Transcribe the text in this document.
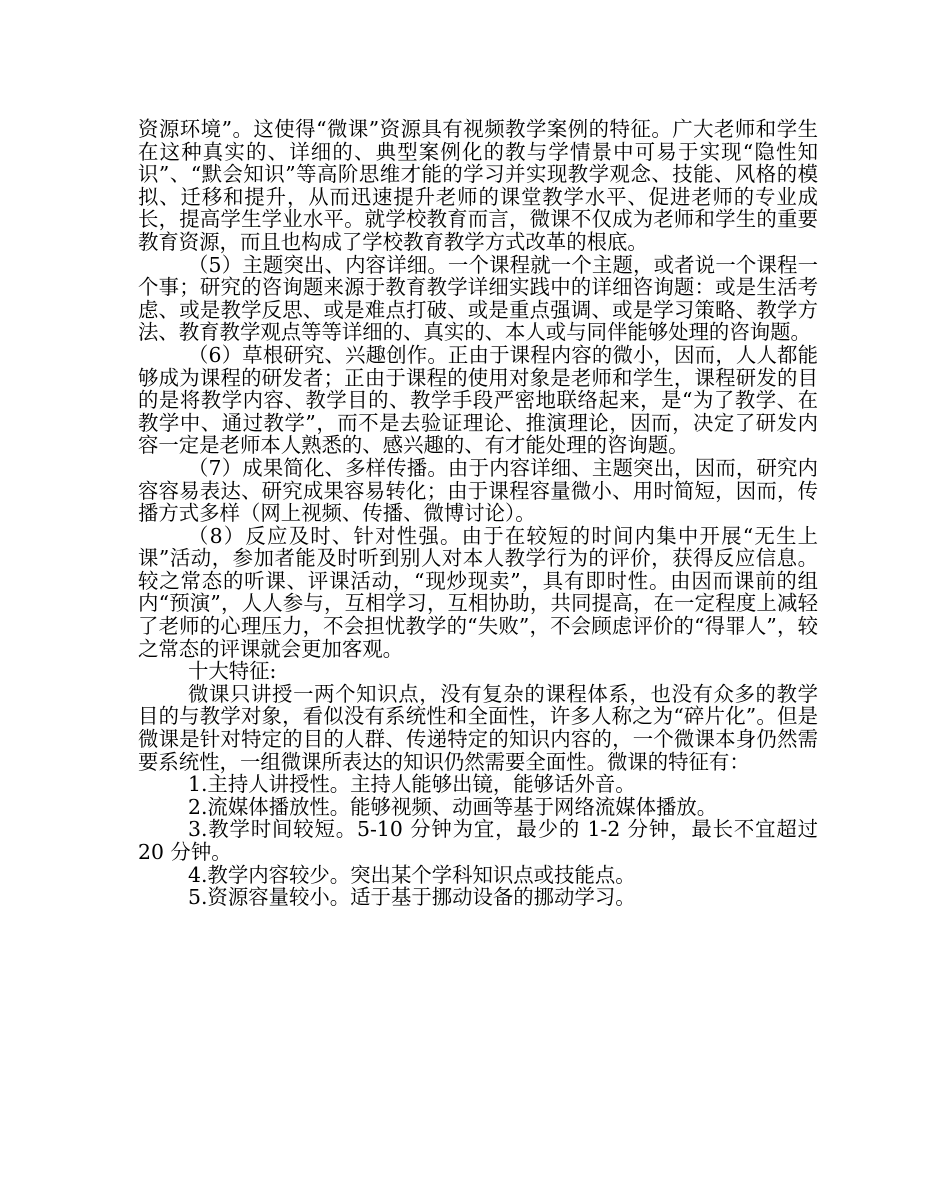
资源环境”。这使得“微课”资源具有视频教学案例的特征。广大老师和学生在这种真实的、详细的、典型案例化的教与学情景中可易于实现“隐性知识”、“默会知识”等高阶思维才能的学习并实现教学观念、技能、风格的模拟、迁移和提升，从而迅速提升老师的课堂教学水平、促进老师的专业成长，提高学生学业水平。就学校教育而言，微课不仅成为老师和学生的重要教育资源，而且也构成了学校教育教学方式改革的根底。

（5）主题突出、内容详细。一个课程就一个主题，或者说一个课程一个事；研究的咨询题来源于教育教学详细实践中的详细咨询题：或是生活考虑、或是教学反思、或是难点打破、或是重点强调、或是学习策略、教学方法、教育教学观点等等详细的、真实的、本人或与同伴能够处理的咨询题。

（6）草根研究、兴趣创作。正由于课程内容的微小，因而，人人都能够成为课程的研发者；正由于课程的使用对象是老师和学生，课程研发的目的是将教学内容、教学目的、教学手段严密地联络起来，是“为了教学、在教学中、通过教学”，而不是去验证理论、推演理论，因而，决定了研发内容一定是老师本人熟悉的、感兴趣的、有才能处理的咨询题。

（7）成果简化、多样传播。由于内容详细、主题突出，因而，研究内容容易表达、研究成果容易转化；由于课程容量微小、用时简短，因而，传播方式多样（网上视频、传播、微博讨论）。

（8）反应及时、针对性强。由于在较短的时间内集中开展“无生上课”活动，参加者能及时听到别人对本人教学行为的评价，获得反应信息。较之常态的听课、评课活动，“现炒现卖”，具有即时性。由因而课前的组内“预演”，人人参与，互相学习，互相协助，共同提高，在一定程度上减轻了老师的心理压力，不会担忧教学的“失败”，不会顾虑评价的“得罪人”，较之常态的评课就会更加客观。

十大特征:

微课只讲授一两个知识点，没有复杂的课程体系，也没有众多的教学目的与教学对象，看似没有系统性和全面性，许多人称之为“碎片化”。但是微课是针对特定的目的人群、传递特定的知识内容的，一个微课本身仍然需要系统性，一组微课所表达的知识仍然需要全面性。微课的特征有：

1.主持人讲授性。主持人能够出镜，能够话外音。

2.流媒体播放性。能够视频、动画等基于网络流媒体播放。

3.教学时间较短。5-10 分钟为宜，最少的 1-2 分钟，最长不宜超过 20 分钟。

4.教学内容较少。突出某个学科知识点或技能点。

5.资源容量较小。适于基于挪动设备的挪动学习。
